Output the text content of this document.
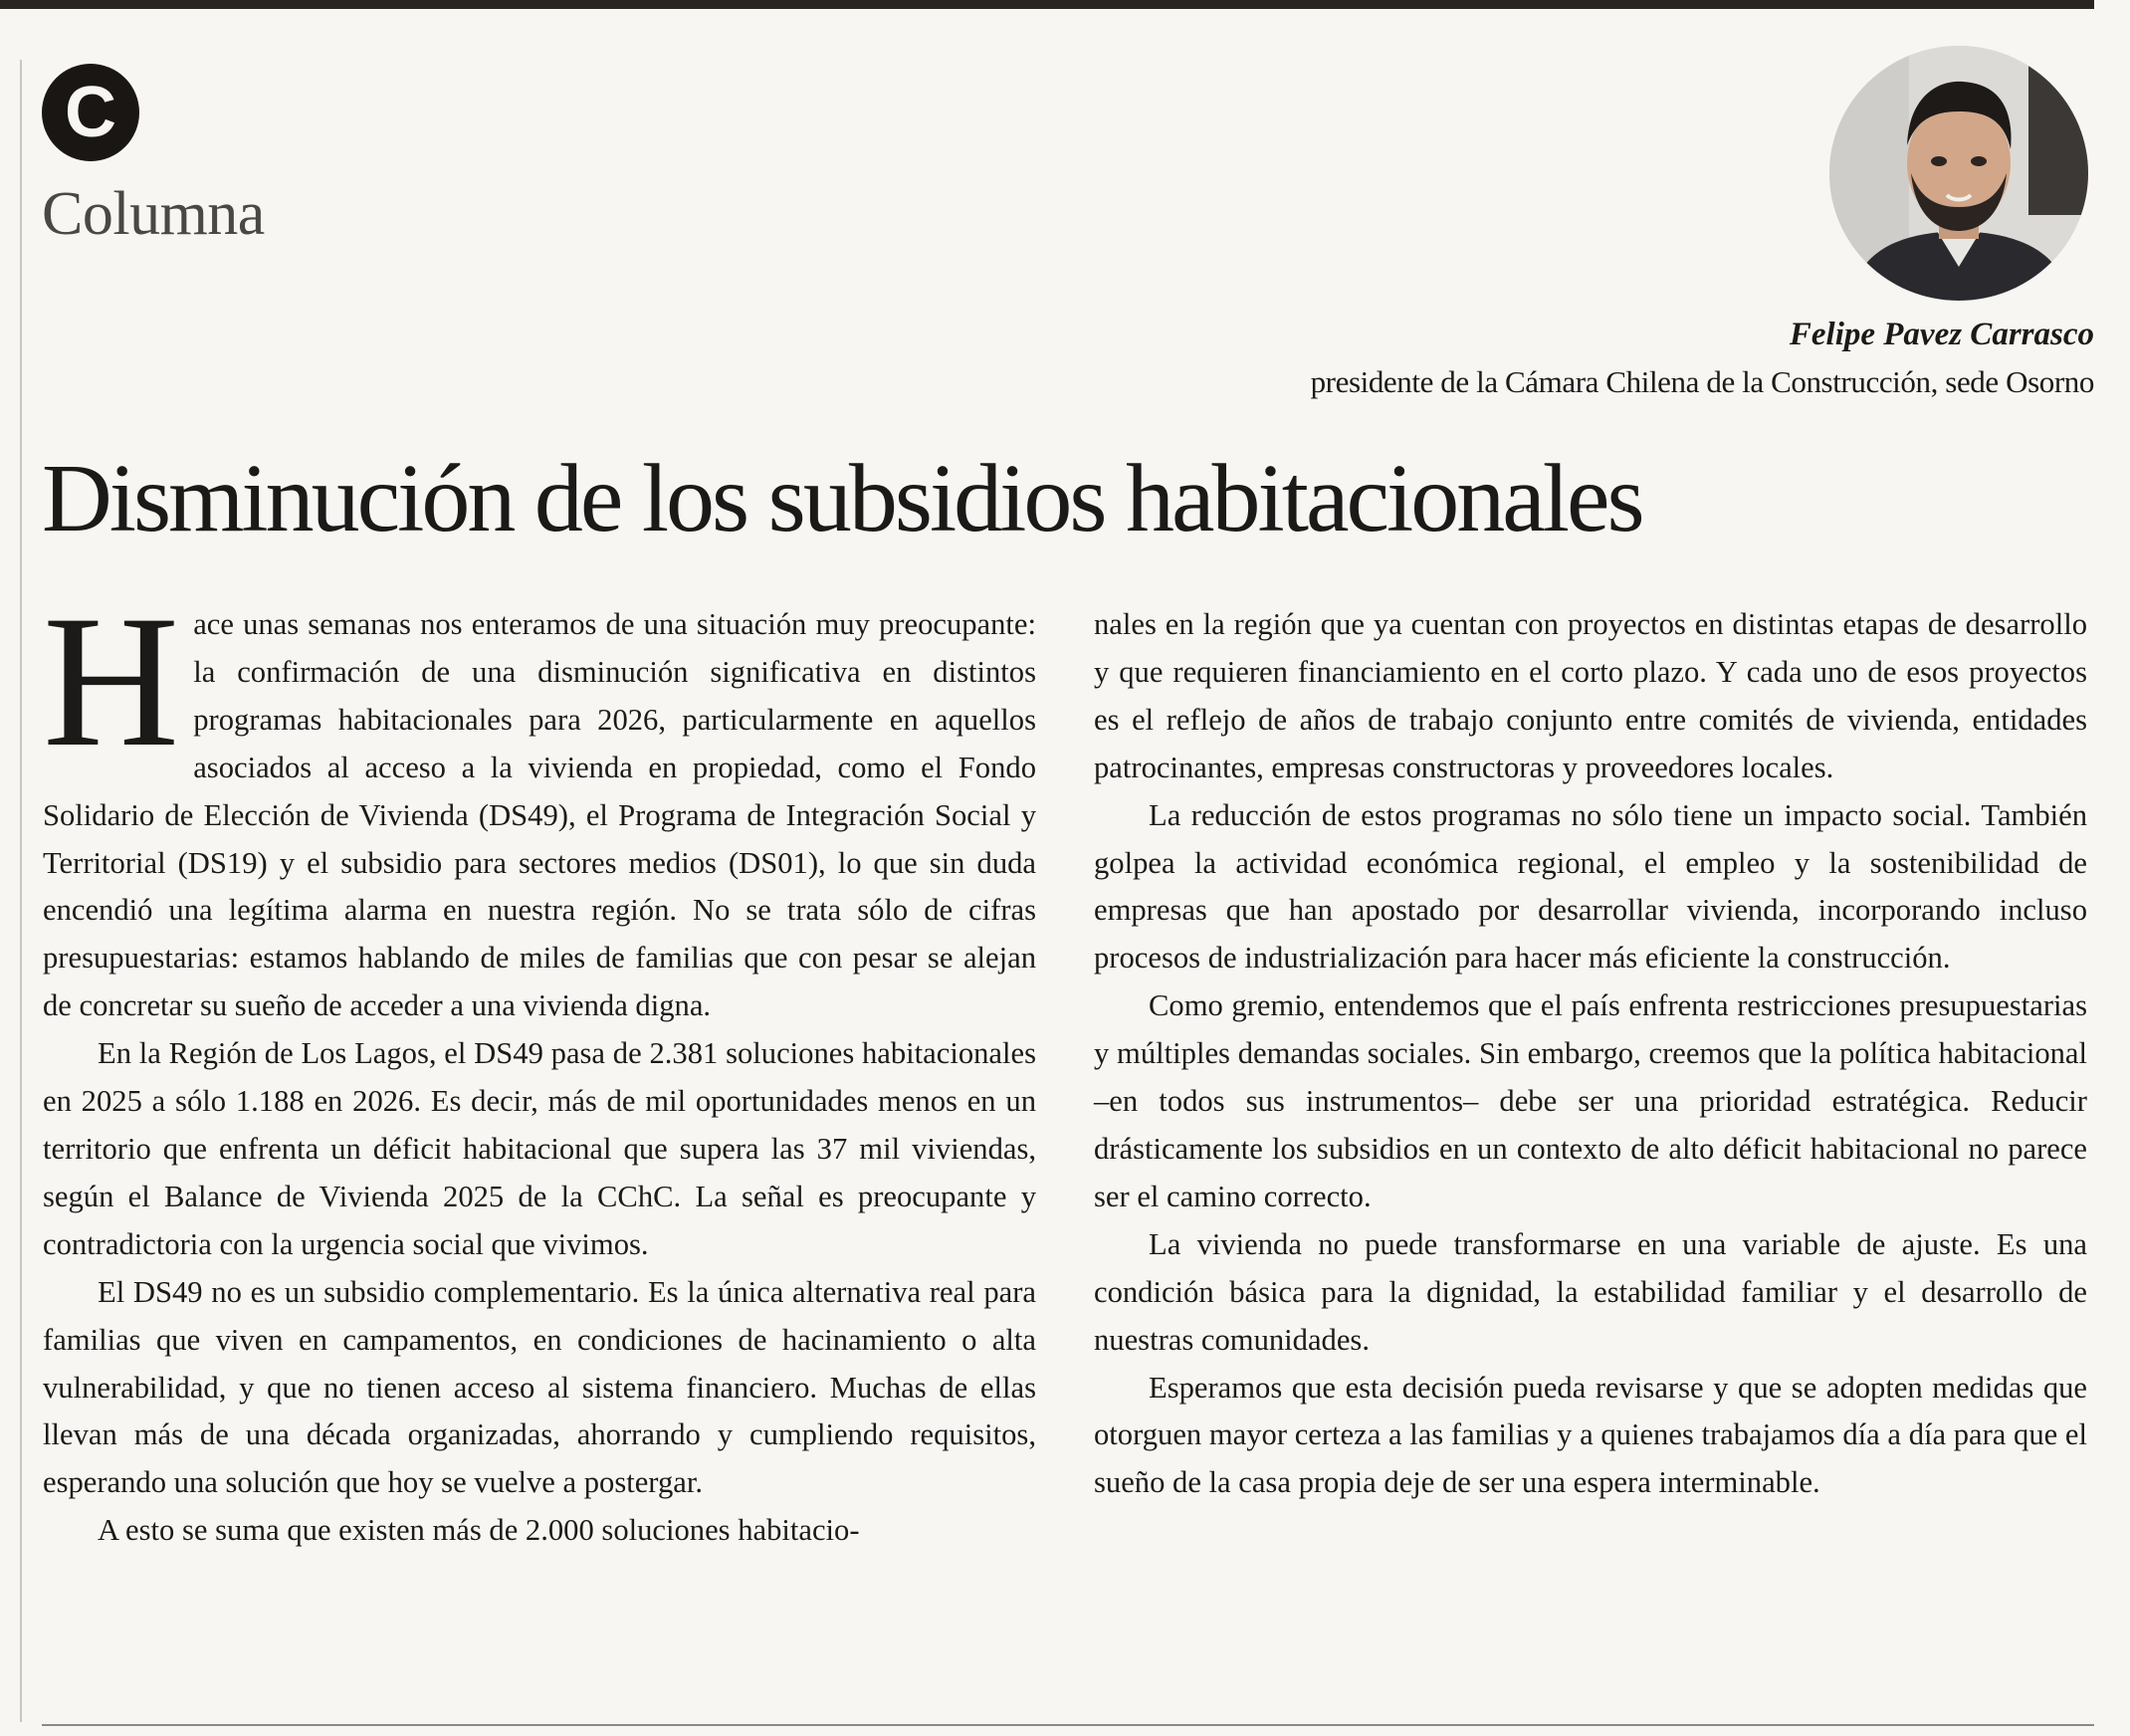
C
Columna
Felipe Pavez Carrasco
presidente de la Cámara Chilena de la Construcción, sede Osorno
Disminución de los subsidios habitacionales

Hace unas semanas nos enteramos de una situación muy preocupante: la confirmación de una disminución significativa en distintos programas habitacionales para 2026, particularmente en aquellos asociados al acceso a la vivienda en propiedad, como el Fondo Solidario de Elección de Vivienda (DS49), el Programa de Integración Social y Territorial (DS19) y el subsidio para sectores medios (DS01), lo que sin duda encendió una legítima alarma en nuestra región. No se trata sólo de cifras presupuestarias: estamos hablando de miles de familias que con pesar se alejan de concretar su sueño de acceder a una vivienda digna.

En la Región de Los Lagos, el DS49 pasa de 2.381 soluciones habitacionales en 2025 a sólo 1.188 en 2026. Es decir, más de mil oportunidades menos en un territorio que enfrenta un déficit habitacional que supera las 37 mil viviendas, según el Balance de Vivienda 2025 de la CChC. La señal es preocupante y contradictoria con la urgencia social que vivimos.

El DS49 no es un subsidio complementario. Es la única alternativa real para familias que viven en campamentos, en condiciones de hacinamiento o alta vulnerabilidad, y que no tienen acceso al sistema financiero. Muchas de ellas llevan más de una década organizadas, ahorrando y cumpliendo requisitos, esperando una solución que hoy se vuelve a postergar.

A esto se suma que existen más de 2.000 soluciones habitacio-

nales en la región que ya cuentan con proyectos en distintas etapas de desarrollo y que requieren financiamiento en el corto plazo. Y cada uno de esos proyectos es el reflejo de años de trabajo conjunto entre comités de vivienda, entidades patrocinantes, empresas constructoras y proveedores locales.

La reducción de estos programas no sólo tiene un impacto social. También golpea la actividad económica regional, el empleo y la sostenibilidad de empresas que han apostado por desarrollar vivienda, incorporando incluso procesos de industrialización para hacer más eficiente la construcción.

Como gremio, entendemos que el país enfrenta restricciones presupuestarias y múltiples demandas sociales. Sin embargo, creemos que la política habitacional –en todos sus instrumentos– debe ser una prioridad estratégica. Reducir drásticamente los subsidios en un contexto de alto déficit habitacional no parece ser el camino correcto.

La vivienda no puede transformarse en una variable de ajuste. Es una condición básica para la dignidad, la estabilidad familiar y el desarrollo de nuestras comunidades.

Esperamos que esta decisión pueda revisarse y que se adopten medidas que otorguen mayor certeza a las familias y a quienes trabajamos día a día para que el sueño de la casa propia deje de ser una espera interminable.
